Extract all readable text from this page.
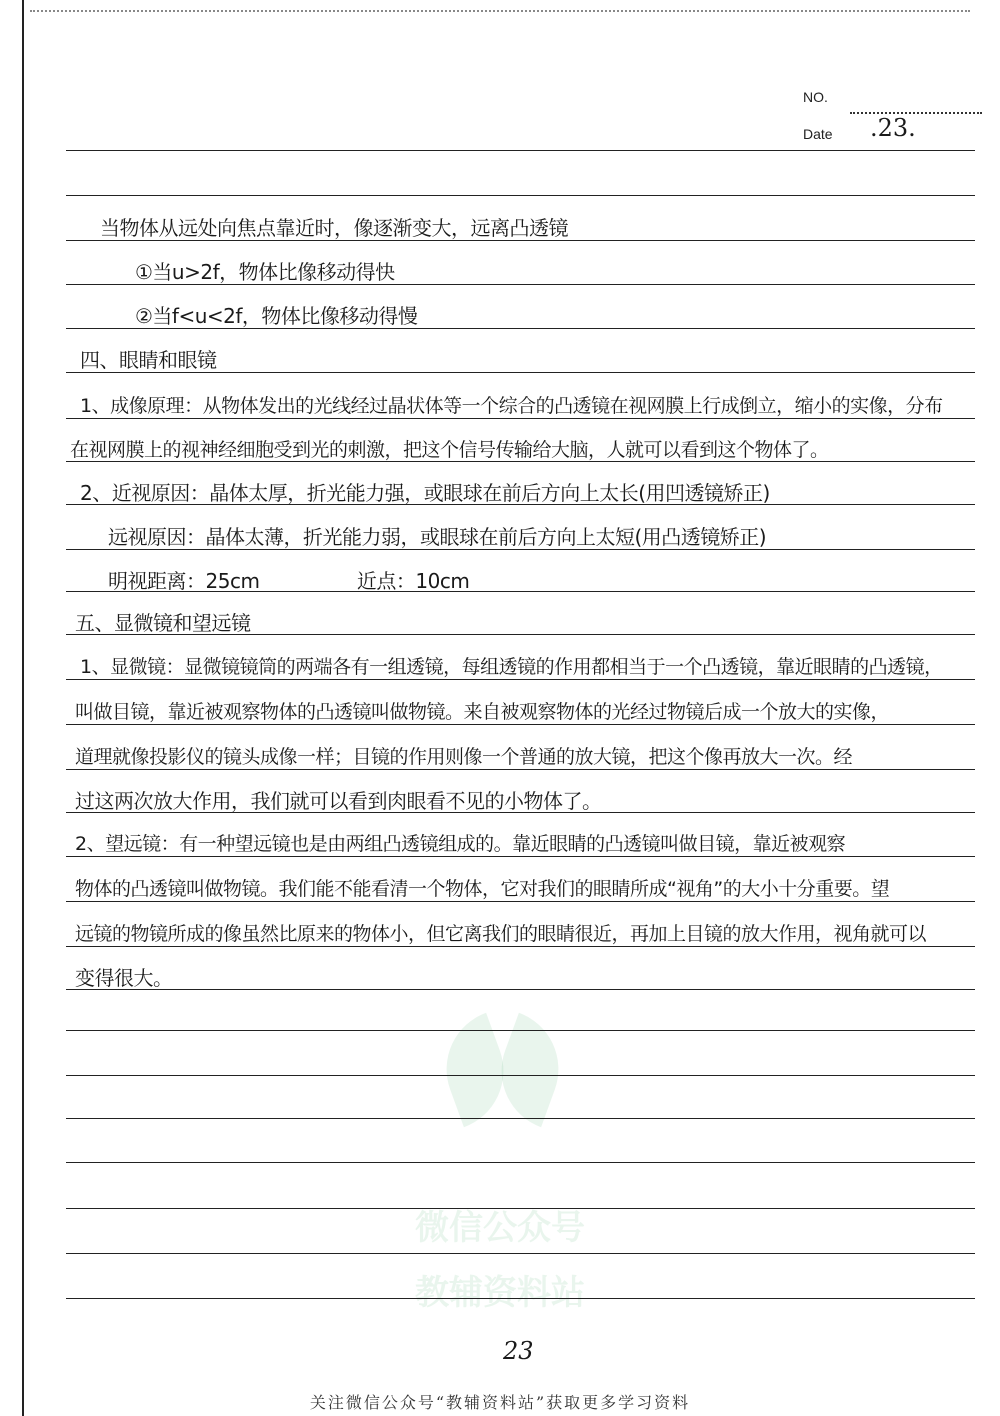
NO.
Date .23.
微信公众号
教辅资料站
当物体从远处向焦点靠近时，像逐渐变大，远离凸透镜
①当u>2f，物体比像移动得快
②当f<u<2f，物体比像移动得慢
四、眼睛和眼镜
1、成像原理：从物体发出的光线经过晶状体等一个综合的凸透镜在视网膜上行成倒立，缩小的实像，分布
在视网膜上的视神经细胞受到光的刺激，把这个信号传输给大脑，人就可以看到这个物体了。
2、近视原因：晶体太厚，折光能力强，或眼球在前后方向上太长(用凹透镜矫正)
远视原因：晶体太薄，折光能力弱，或眼球在前后方向上太短(用凸透镜矫正)
明视距离：25cm　　　　　近点：10cm
五、显微镜和望远镜
1、显微镜：显微镜镜筒的两端各有一组透镜，每组透镜的作用都相当于一个凸透镜，靠近眼睛的凸透镜，
叫做目镜，靠近被观察物体的凸透镜叫做物镜。来自被观察物体的光经过物镜后成一个放大的实像，
道理就像投影仪的镜头成像一样；目镜的作用则像一个普通的放大镜，把这个像再放大一次。经
过这两次放大作用，我们就可以看到肉眼看不见的小物体了。
2、望远镜：有一种望远镜也是由两组凸透镜组成的。靠近眼睛的凸透镜叫做目镜，靠近被观察
物体的凸透镜叫做物镜。我们能不能看清一个物体，它对我们的眼睛所成“视角”的大小十分重要。望
远镜的物镜所成的像虽然比原来的物体小，但它离我们的眼睛很近，再加上目镜的放大作用，视角就可以
变得很大。
23
关注微信公众号“教辅资料站”获取更多学习资料
